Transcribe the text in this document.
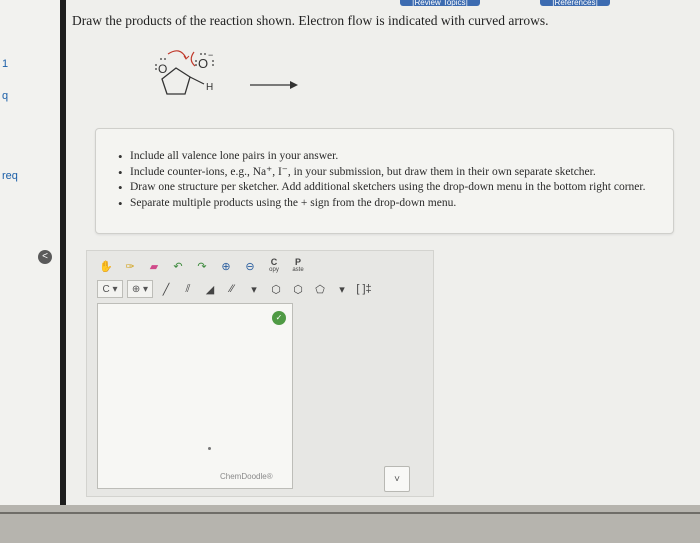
1
q
req
[Review Topics]	[References]
Draw the products of the reaction shown. Electron flow is indicated with curved arrows.
O O
−
H
• Include all valence lone pairs in your answer.
• Include counter-ions, e.g., Na⁺, I⁻, in your submission, but draw them in their own separate sketcher.
• Draw one structure per sketcher. Add additional sketchers using the drop-down menu in the bottom right corner.
• Separate multiple products using the + sign from the drop-down menu.
<
✋	✑	▰	↶	↷	⊕	⊖	C
opy
P
aste
C ▾	⊕ ▾	╱	⫽	◢	⁄⁄	▾	⬡	⬡	⬠	▾	[ ]‡
✓
ChemDoodle®	˅
